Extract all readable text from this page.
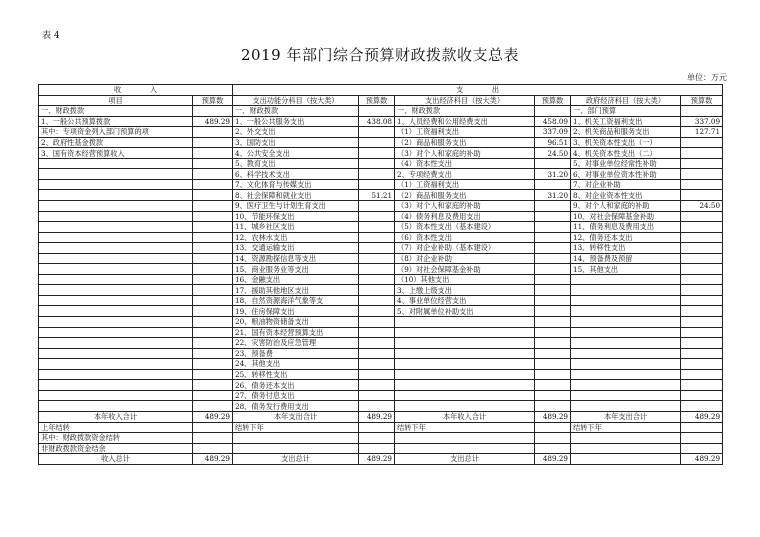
表 4
2019 年部门综合预算财政拨款收支总表
单位：万元
收　　　　入		支　　　　出					
项目	预算数	支出功能分科目（按大类）	预算数	支出经济科目（按大类）	预算数	政府经济科目（按大类）	预算数
一、财政拨款		一、财政拨款		一、财政拨款		一、部门预算	
1、一般公共预算拨款	489.29	1、一般公共服务支出	438.08	1、人员经费和公用经费支出	458.09	1、机关工资福利支出	337.09
其中：专项资金列入部门预算的项		2、外交支出		（1）工资福利支出	337.09	2、机关商品和服务支出	127.71
2、政府性基金拨款		3、国防支出		（2）商品和服务支出	96.51	3、机关资本性支出（一）	
3、国有资本经营预算收入		4、公共安全支出		（3）对个人和家庭的补助	24.50	4、机关资本性支出（二）	
		5、教育支出		（4）资本性支出		5、对事业单位经常性补助	
		6、科学技术支出		2、专项经费支出	31.20	6、对事业单位资本性补助	
		7、文化体育与传媒支出		（1）工资福利支出		7、对企业补助	
		8、社会保障和就业支出	51.21	（2）商品和服务支出	31.20	8、对企业资本性支出	
		9、医疗卫生与计划生育支出		（3）对个人和家庭的补助		9、对个人和家庭的补助	24.50
		10、节能环保支出		（4）债务利息及费用支出		10、对社会保障基金补助	
		11、城乡社区支出		（5）资本性支出（基本建设）		11、债务利息及费用支出	
		12、农林水支出		（6）资本性支出		12、债务还本支出	
		13、交通运输支出		（7）对企业补助（基本建设）		13、转移性支出	
		14、资源勘探信息等支出		（8）对企业补助		14、预备费及预留	
		15、商业服务业等支出		（9）对社会保障基金补助		15、其他支出	
		16、金融支出		（10）其他支出			
		17、援助其他地区支出		3、上缴上级支出			
		18、自然资源海洋气象等支		4、事业单位经营支出			
		19、住房保障支出		5、对附属单位补助支出			
		20、粮油物资储备支出					
		21、国有资本经营预算支出					
		22、灾害防治及应急管理					
		23、预备费					
		24、其他支出					
		25、转移性支出					
		26、债务还本支出					
		27、债务付息支出					
		28、债务发行费用支出					
本年收入合计	489.29	本年支出合计	489.29	本年收入合计	489.29	本年支出合计	489.29
上年结转		结转下年		结转下年		结转下年	
其中：财政拨款资金结转							
非财政拨款资金结余							
收入总计	489.29	支出总计	489.29	支出总计	489.29		489.29
